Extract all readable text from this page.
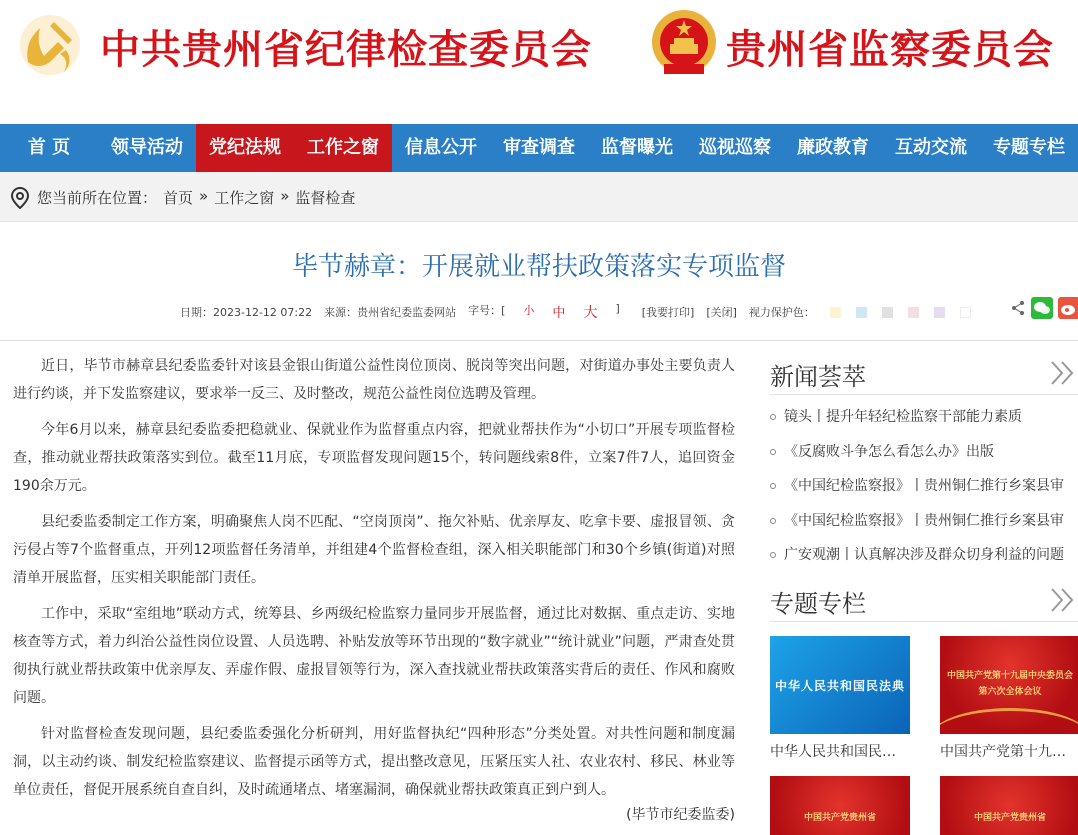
中共贵州省纪律检查委员会	贵州省监察委员会
首 页	领导活动	党纪法规	工作之窗	信息公开	审查调查	监督曝光	巡视巡察	廉政教育	互动交流	专题专栏
您当前所在位置： 首页 » 工作之窗 » 监督检查
毕节赫章：开展就业帮扶政策落实专项监督
日期：2023-12-12 07:22 来源：贵州省纪委监委网站 字号：[ 小 中 大 ] [我要打印] [关闭] 视力保护色：

近日，毕节市赫章县纪委监委针对该县金银山街道公益性岗位顶岗、脱岗等突出问题，对街道办事处主要负责人进行约谈，并下发监察建议，要求举一反三、及时整改，规范公益性岗位选聘及管理。

今年6月以来，赫章县纪委监委把稳就业、保就业作为监督重点内容，把就业帮扶作为“小切口”开展专项监督检查，推动就业帮扶政策落实到位。截至11月底，专项监督发现问题15个，转问题线索8件，立案7件7人，追回资金190余万元。

县纪委监委制定工作方案，明确聚焦人岗不匹配、“空岗顶岗”、拖欠补贴、优亲厚友、吃拿卡要、虚报冒领、贪污侵占等7个监督重点，开列12项监督任务清单，并组建4个监督检查组，深入相关职能部门和30个乡镇(街道)对照清单开展监督，压实相关职能部门责任。

工作中，采取“室组地”联动方式，统筹县、乡两级纪检监察力量同步开展监督，通过比对数据、重点走访、实地核查等方式，着力纠治公益性岗位设置、人员选聘、补贴发放等环节出现的“数字就业”“统计就业”问题，严肃查处贯彻执行就业帮扶政策中优亲厚友、弄虚作假、虚报冒领等行为，深入查找就业帮扶政策落实背后的责任、作风和腐败问题。

针对监督检查发现问题，县纪委监委强化分析研判，用好监督执纪“四种形态”分类处置。对共性问题和制度漏洞，以主动约谈、制发纪检监察建议、监督提示函等方式，提出整改意见，压紧压实人社、农业农村、移民、林业等单位责任，督促开展系统自查自纠，及时疏通堵点、堵塞漏洞，确保就业帮扶政策真正到户到人。

(毕节市纪委监委)
新闻荟萃
镜头丨提升年轻纪检监察干部能力素质
《反腐败斗争怎么看怎么办》出版
《中国纪检监察报》丨贵州铜仁推行乡案县审
《中国纪检监察报》丨贵州铜仁推行乡案县审
广安观潮丨认真解决涉及群众切身利益的问题
专题专栏
中华人民共和国民法典
中华人民共和国民…
中国共产党第十九届中央委员会
第六次全体会议
中国共产党第十九…
中国共产党贵州省	中国共产党贵州省
